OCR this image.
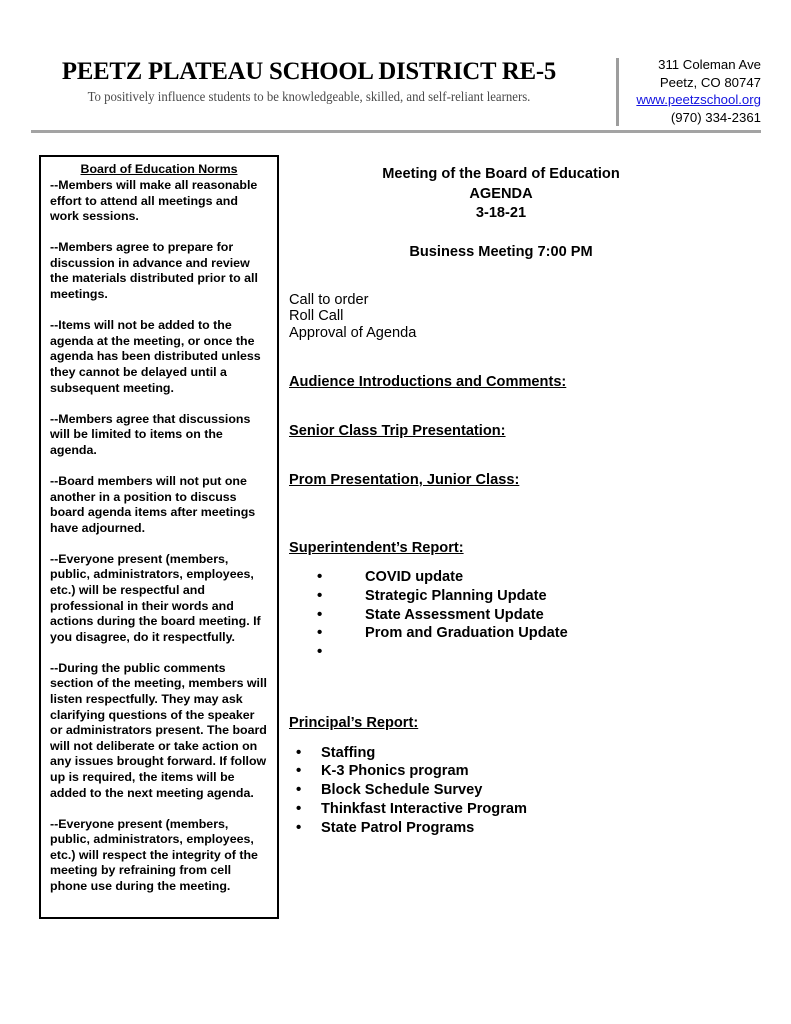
PEETZ PLATEAU SCHOOL DISTRICT RE-5
To positively influence students to be knowledgeable, skilled, and self-reliant learners.
311 Coleman Ave
Peetz, CO 80747
www.peetzschool.org
(970) 334-2361
Board of Education Norms

--Members will make all reasonable effort to attend all meetings and work sessions.

--Members agree to prepare for discussion in advance and review the materials distributed prior to all meetings.

--Items will not be added to the agenda at the meeting, or once the agenda has been distributed unless they cannot be delayed until a subsequent meeting.

--Members agree that discussions will be limited to items on the agenda.

--Board members will not put one another in a position to discuss board agenda items after meetings have adjourned.

--Everyone present (members, public, administrators, employees, etc.) will be respectful and professional in their words and actions during the board meeting. If you disagree, do it respectfully.

--During the public comments section of the meeting, members will listen respectfully. They may ask clarifying questions of the speaker or administrators present. The board will not deliberate or take action on any issues brought forward. If follow up is required, the items will be added to the next meeting agenda.

--Everyone present (members, public, administrators, employees, etc.) will respect the integrity of the meeting by refraining from cell phone use during the meeting.

Meeting of the Board of Education
AGENDA
3-18-21
Business Meeting 7:00 PM
Call to order
Roll Call
Approval of Agenda
Audience Introductions and Comments:
Senior Class Trip Presentation:
Prom Presentation, Junior Class:
Superintendent’s Report:
• COVID update
• Strategic Planning Update
• State Assessment Update
• Prom and Graduation Update
•
Principal’s Report:
• Staffing
• K-3 Phonics program
• Block Schedule Survey
• Thinkfast Interactive Program
• State Patrol Programs
